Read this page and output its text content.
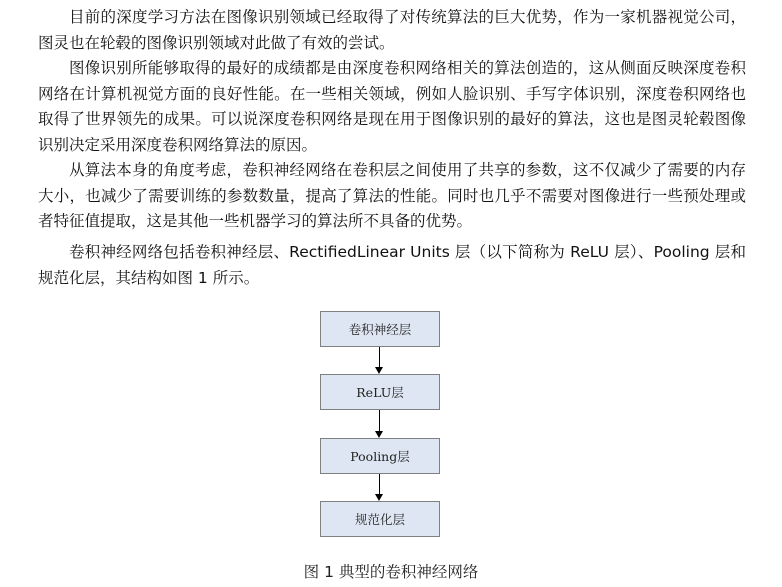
目前的深度学习方法在图像识别领域已经取得了对传统算法的巨大优势，作为一家机器视觉公司，图灵也在轮毂的图像识别领域对此做了有效的尝试。

图像识别所能够取得的最好的成绩都是由深度卷积网络相关的算法创造的，这从侧面反映深度卷积网络在计算机视觉方面的良好性能。在一些相关领域，例如人脸识别、手写字体识别，深度卷积网络也取得了世界领先的成果。可以说深度卷积网络是现在用于图像识别的最好的算法，这也是图灵轮毂图像识别决定采用深度卷积网络算法的原因。

从算法本身的角度考虑，卷积神经网络在卷积层之间使用了共享的参数，这不仅减少了需要的内存大小，也减少了需要训练的参数数量，提高了算法的性能。同时也几乎不需要对图像进行一些预处理或者特征值提取，这是其他一些机器学习的算法所不具备的优势。

卷积神经网络包括卷积神经层、RectifiedLinear Units 层（以下简称为 ReLU 层）、Pooling 层和规范化层，其结构如图 1 所示。

卷积神经层
ReLU层
Pooling层
规范化层
图 1 典型的卷积神经网络
